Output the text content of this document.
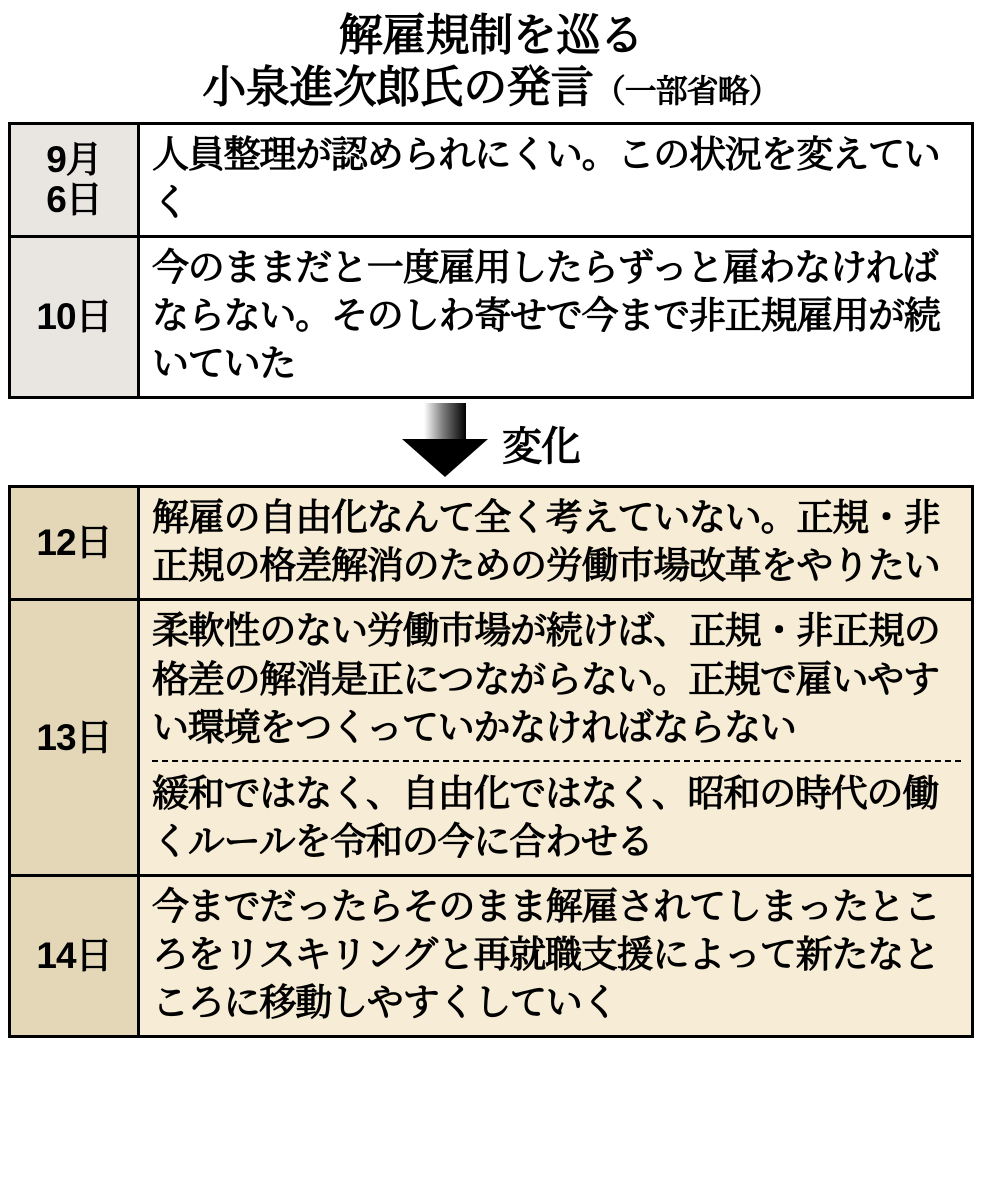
解雇規制を巡る
小泉進次郎氏の発言（一部省略）
9月
6日	人員整理が認められにくい。この状況を変えていく

10日	今のままだと一度雇用したらずっと雇わなければならない。そのしわ寄せで今まで非正規雇用が続いていた
変化
12日	解雇の自由化なんて全く考えていない。正規・非正規の格差解消のための労働市場改革をやりたい

13日	柔軟性のない労働市場が続けば、正規・非正規の格差の解消是正につながらない。正規で雇いやすい環境をつくっていかなければならない
緩和ではなく、自由化ではなく、昭和の時代の働くルールを令和の今に合わせる

14日	今までだったらそのまま解雇されてしまったところをリスキリングと再就職支援によって新たなところに移動しやすくしていく
